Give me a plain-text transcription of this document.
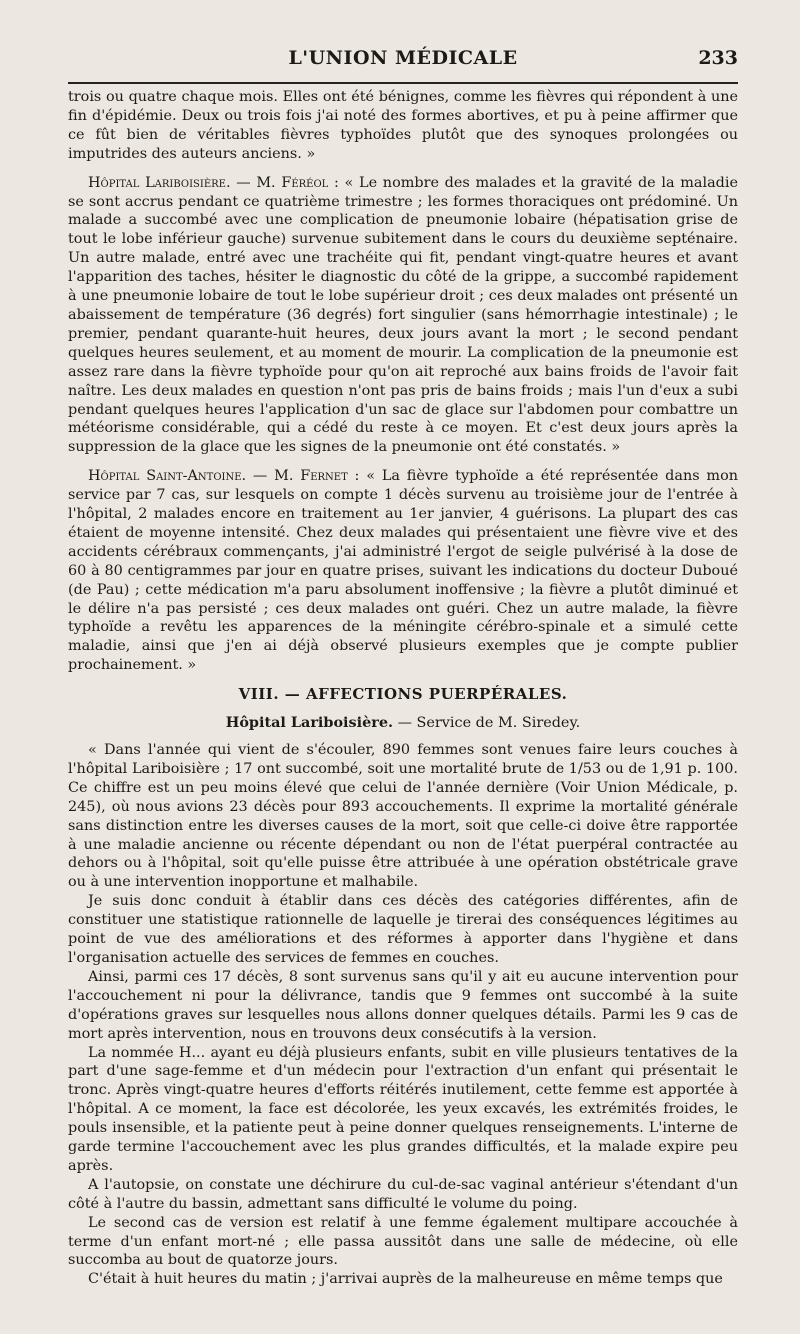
L'UNION MÉDICALE	233

trois ou quatre chaque mois. Elles ont été bénignes, comme les fièvres qui répondent à une fin d'épidémie. Deux ou trois fois j'ai noté des formes abortives, et pu à peine affirmer que ce fût bien de véritables fièvres typhoïdes plutôt que des synoques prolongées ou imputrides des auteurs anciens. »

Hôpital Lariboisière. — M. Féréol : « Le nombre des malades et la gravité de la maladie se sont accrus pendant ce quatrième trimestre ; les formes thoraciques ont prédominé. Un malade a succombé avec une complication de pneumonie lobaire (hépatisation grise de tout le lobe inférieur gauche) survenue subitement dans le cours du deuxième septénaire. Un autre malade, entré avec une trachéite qui fit, pendant vingt-quatre heures et avant l'apparition des taches, hésiter le diagnostic du côté de la grippe, a succombé rapidement à une pneumonie lobaire de tout le lobe supérieur droit ; ces deux malades ont présenté un abaissement de température (36 degrés) fort singulier (sans hémorrhagie intestinale) ; le premier, pendant quarante-huit heures, deux jours avant la mort ; le second pendant quelques heures seulement, et au moment de mourir. La complication de la pneumonie est assez rare dans la fièvre typhoïde pour qu'on ait reproché aux bains froids de l'avoir fait naître. Les deux malades en question n'ont pas pris de bains froids ; mais l'un d'eux a subi pendant quelques heures l'application d'un sac de glace sur l'abdomen pour combattre un météorisme considérable, qui a cédé du reste à ce moyen. Et c'est deux jours après la suppression de la glace que les signes de la pneumonie ont été constatés. »

Hôpital Saint-Antoine. — M. Fernet : « La fièvre typhoïde a été représentée dans mon service par 7 cas, sur lesquels on compte 1 décès survenu au troisième jour de l'entrée à l'hôpital, 2 malades encore en traitement au 1er janvier, 4 guérisons. La plupart des cas étaient de moyenne intensité. Chez deux malades qui présentaient une fièvre vive et des accidents cérébraux commençants, j'ai administré l'ergot de seigle pulvérisé à la dose de 60 à 80 centigrammes par jour en quatre prises, suivant les indications du docteur Duboué (de Pau) ; cette médication m'a paru absolument inoffensive ; la fièvre a plutôt diminué et le délire n'a pas persisté ; ces deux malades ont guéri. Chez un autre malade, la fièvre typhoïde a revêtu les apparences de la méningite cérébro-spinale et a simulé cette maladie, ainsi que j'en ai déjà observé plusieurs exemples que je compte publier prochainement. »

VIII. — AFFECTIONS PUERPÉRALES.
Hôpital Lariboisière. — Service de M. Siredey.

« Dans l'année qui vient de s'écouler, 890 femmes sont venues faire leurs couches à l'hôpital Lariboisière ; 17 ont succombé, soit une mortalité brute de 1/53 ou de 1,91 p. 100. Ce chiffre est un peu moins élevé que celui de l'année dernière (Voir Union Médicale, p. 245), où nous avions 23 décès pour 893 accouchements. Il exprime la mortalité générale sans distinction entre les diverses causes de la mort, soit que celle-ci doive être rapportée à une maladie ancienne ou récente dépendant ou non de l'état puerpéral contractée au dehors ou à l'hôpital, soit qu'elle puisse être attribuée à une opération obstétricale grave ou à une intervention inopportune et malhabile.

Je suis donc conduit à établir dans ces décès des catégories différentes, afin de constituer une statistique rationnelle de laquelle je tirerai des conséquences légitimes au point de vue des améliorations et des réformes à apporter dans l'hygiène et dans l'organisation actuelle des services de femmes en couches.

Ainsi, parmi ces 17 décès, 8 sont survenus sans qu'il y ait eu aucune intervention pour l'accouchement ni pour la délivrance, tandis que 9 femmes ont succombé à la suite d'opérations graves sur lesquelles nous allons donner quelques détails. Parmi les 9 cas de mort après intervention, nous en trouvons deux consécutifs à la version.

La nommée H... ayant eu déjà plusieurs enfants, subit en ville plusieurs tentatives de la part d'une sage-femme et d'un médecin pour l'extraction d'un enfant qui présentait le tronc. Après vingt-quatre heures d'efforts réitérés inutilement, cette femme est apportée à l'hôpital. A ce moment, la face est décolorée, les yeux excavés, les extrémités froides, le pouls insensible, et la patiente peut à peine donner quelques renseignements. L'interne de garde termine l'accouchement avec les plus grandes difficultés, et la malade expire peu après.

A l'autopsie, on constate une déchirure du cul-de-sac vaginal antérieur s'étendant d'un côté à l'autre du bassin, admettant sans difficulté le volume du poing.

Le second cas de version est relatif à une femme également multipare accouchée à terme d'un enfant mort-né ; elle passa aussitôt dans une salle de médecine, où elle succomba au bout de quatorze jours.

C'était à huit heures du matin ; j'arrivai auprès de la malheureuse en même temps que
